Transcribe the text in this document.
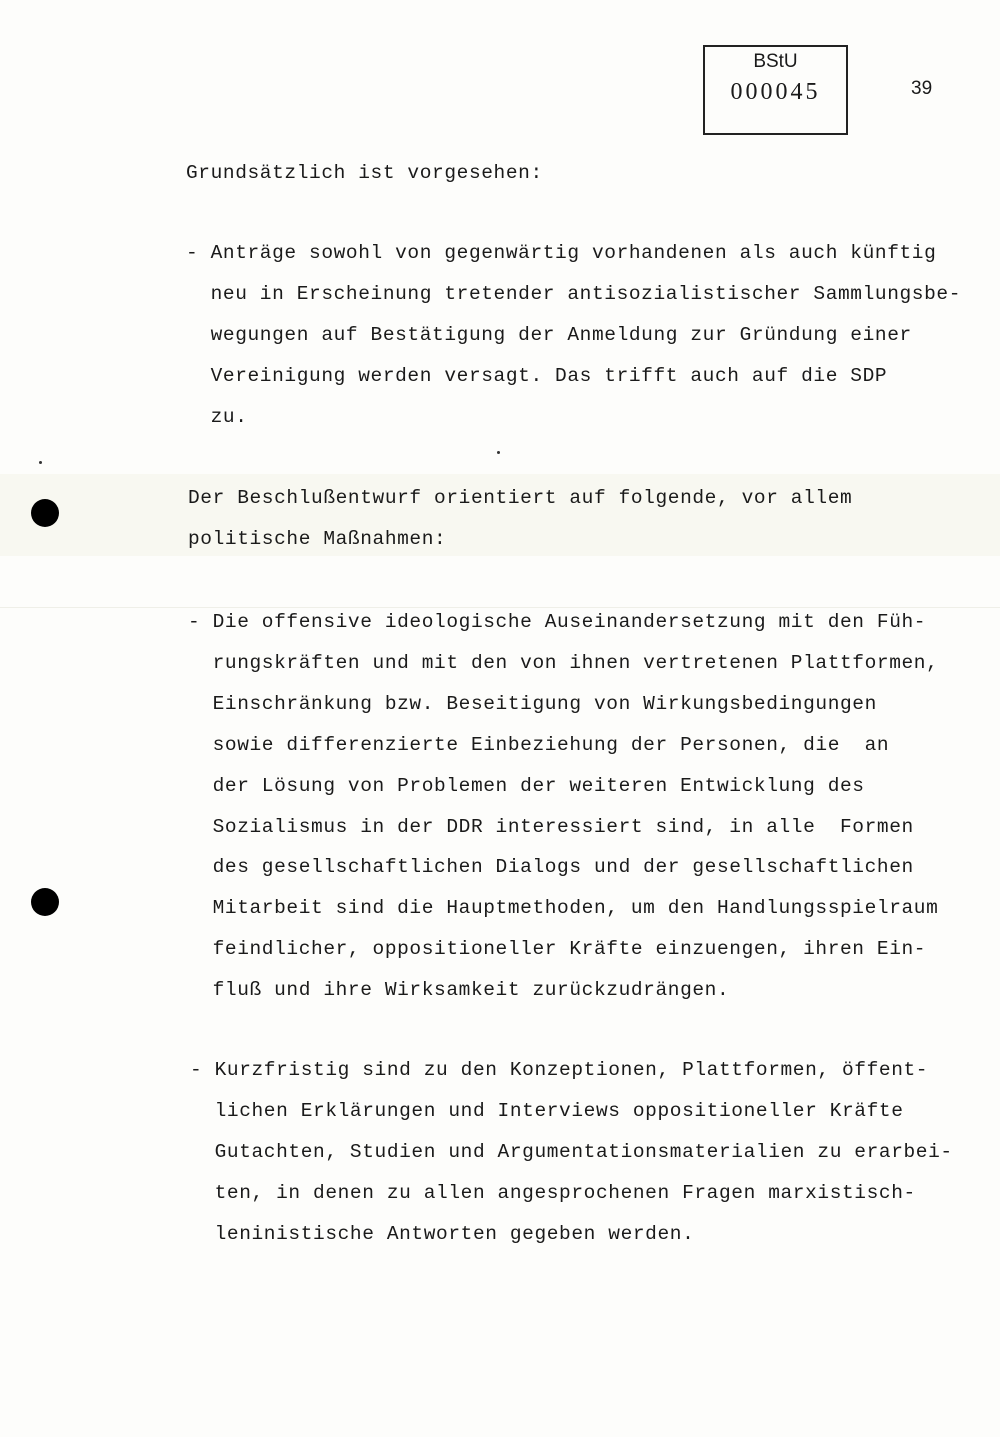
BStU
000045	39
Grundsätzlich ist vorgesehen:
- Anträge sowohl von gegenwärtig vorhandenen als auch künftig
neu in Erscheinung tretender antisozialistischer Sammlungsbe-
wegungen auf Bestätigung der Anmeldung zur Gründung einer
Vereinigung werden versagt. Das trifft auch auf die SDP
zu.
Der Beschlußentwurf orientiert auf folgende, vor allem
politische Maßnahmen:
- Die offensive ideologische Auseinandersetzung mit den Füh-
rungskräften und mit den von ihnen vertretenen Plattformen,
Einschränkung bzw. Beseitigung von Wirkungsbedingungen
sowie differenzierte Einbeziehung der Personen, die  an
der Lösung von Problemen der weiteren Entwicklung des
Sozialismus in der DDR interessiert sind, in alle  Formen
des gesellschaftlichen Dialogs und der gesellschaftlichen
Mitarbeit sind die Hauptmethoden, um den Handlungsspielraum
feindlicher, oppositioneller Kräfte einzuengen, ihren Ein-
fluß und ihre Wirksamkeit zurückzudrängen.
- Kurzfristig sind zu den Konzeptionen, Plattformen, öffent-
lichen Erklärungen und Interviews oppositioneller Kräfte
Gutachten, Studien und Argumentationsmaterialien zu erarbei-
ten, in denen zu allen angesprochenen Fragen marxistisch-
leninistische Antworten gegeben werden.
